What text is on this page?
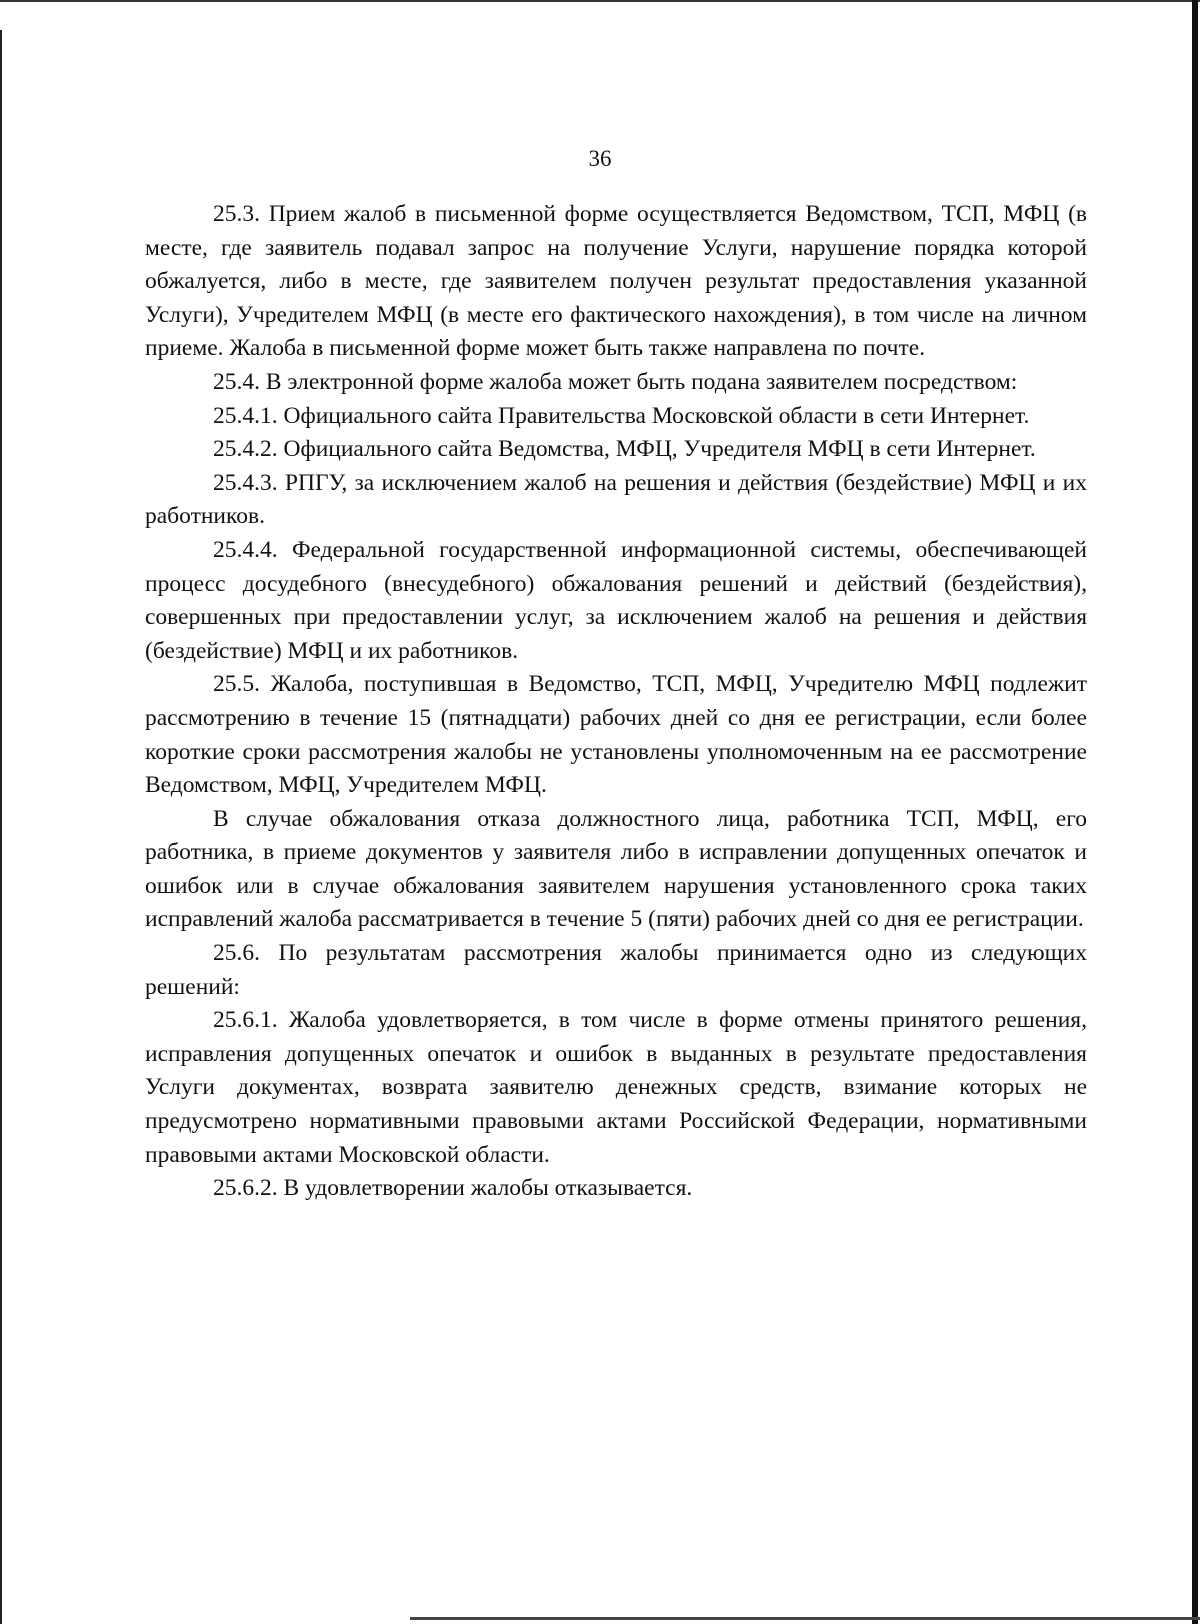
36

25.3. Прием жалоб в письменной форме осуществляется Ведомством, ТСП, МФЦ (в месте, где заявитель подавал запрос на получение Услуги, нарушение порядка которой обжалуется, либо в месте, где заявителем получен результат предоставления указанной Услуги), Учредителем МФЦ (в месте его фактического нахождения), в том числе на личном приеме. Жалоба в письменной форме может быть также направлена по почте.

25.4. В электронной форме жалоба может быть подана заявителем посредством:

25.4.1. Официального сайта Правительства Московской области в сети Интернет.

25.4.2. Официального сайта Ведомства, МФЦ, Учредителя МФЦ в сети Интернет.

25.4.3. РПГУ, за исключением жалоб на решения и действия (бездействие) МФЦ и их работников.

25.4.4. Федеральной государственной информационной системы, обеспечивающей процесс досудебного (внесудебного) обжалования решений и действий (бездействия), совершенных при предоставлении услуг, за исключением жалоб на решения и действия (бездействие) МФЦ и их работников.

25.5. Жалоба, поступившая в Ведомство, ТСП, МФЦ, Учредителю МФЦ подлежит рассмотрению в течение 15 (пятнадцати) рабочих дней со дня ее регистрации, если более короткие сроки рассмотрения жалобы не установлены уполномоченным на ее рассмотрение Ведомством, МФЦ, Учредителем МФЦ.

В случае обжалования отказа должностного лица, работника ТСП, МФЦ, его работника, в приеме документов у заявителя либо в исправлении допущенных опечаток и ошибок или в случае обжалования заявителем нарушения установленного срока таких исправлений жалоба рассматривается в течение 5 (пяти) рабочих дней со дня ее регистрации.

25.6. По результатам рассмотрения жалобы принимается одно из следующих решений:

25.6.1. Жалоба удовлетворяется, в том числе в форме отмены принятого решения, исправления допущенных опечаток и ошибок в выданных в результате предоставления Услуги документах, возврата заявителю денежных средств, взимание которых не предусмотрено нормативными правовыми актами Российской Федерации, нормативными правовыми актами Московской области.

25.6.2. В удовлетворении жалобы отказывается.
